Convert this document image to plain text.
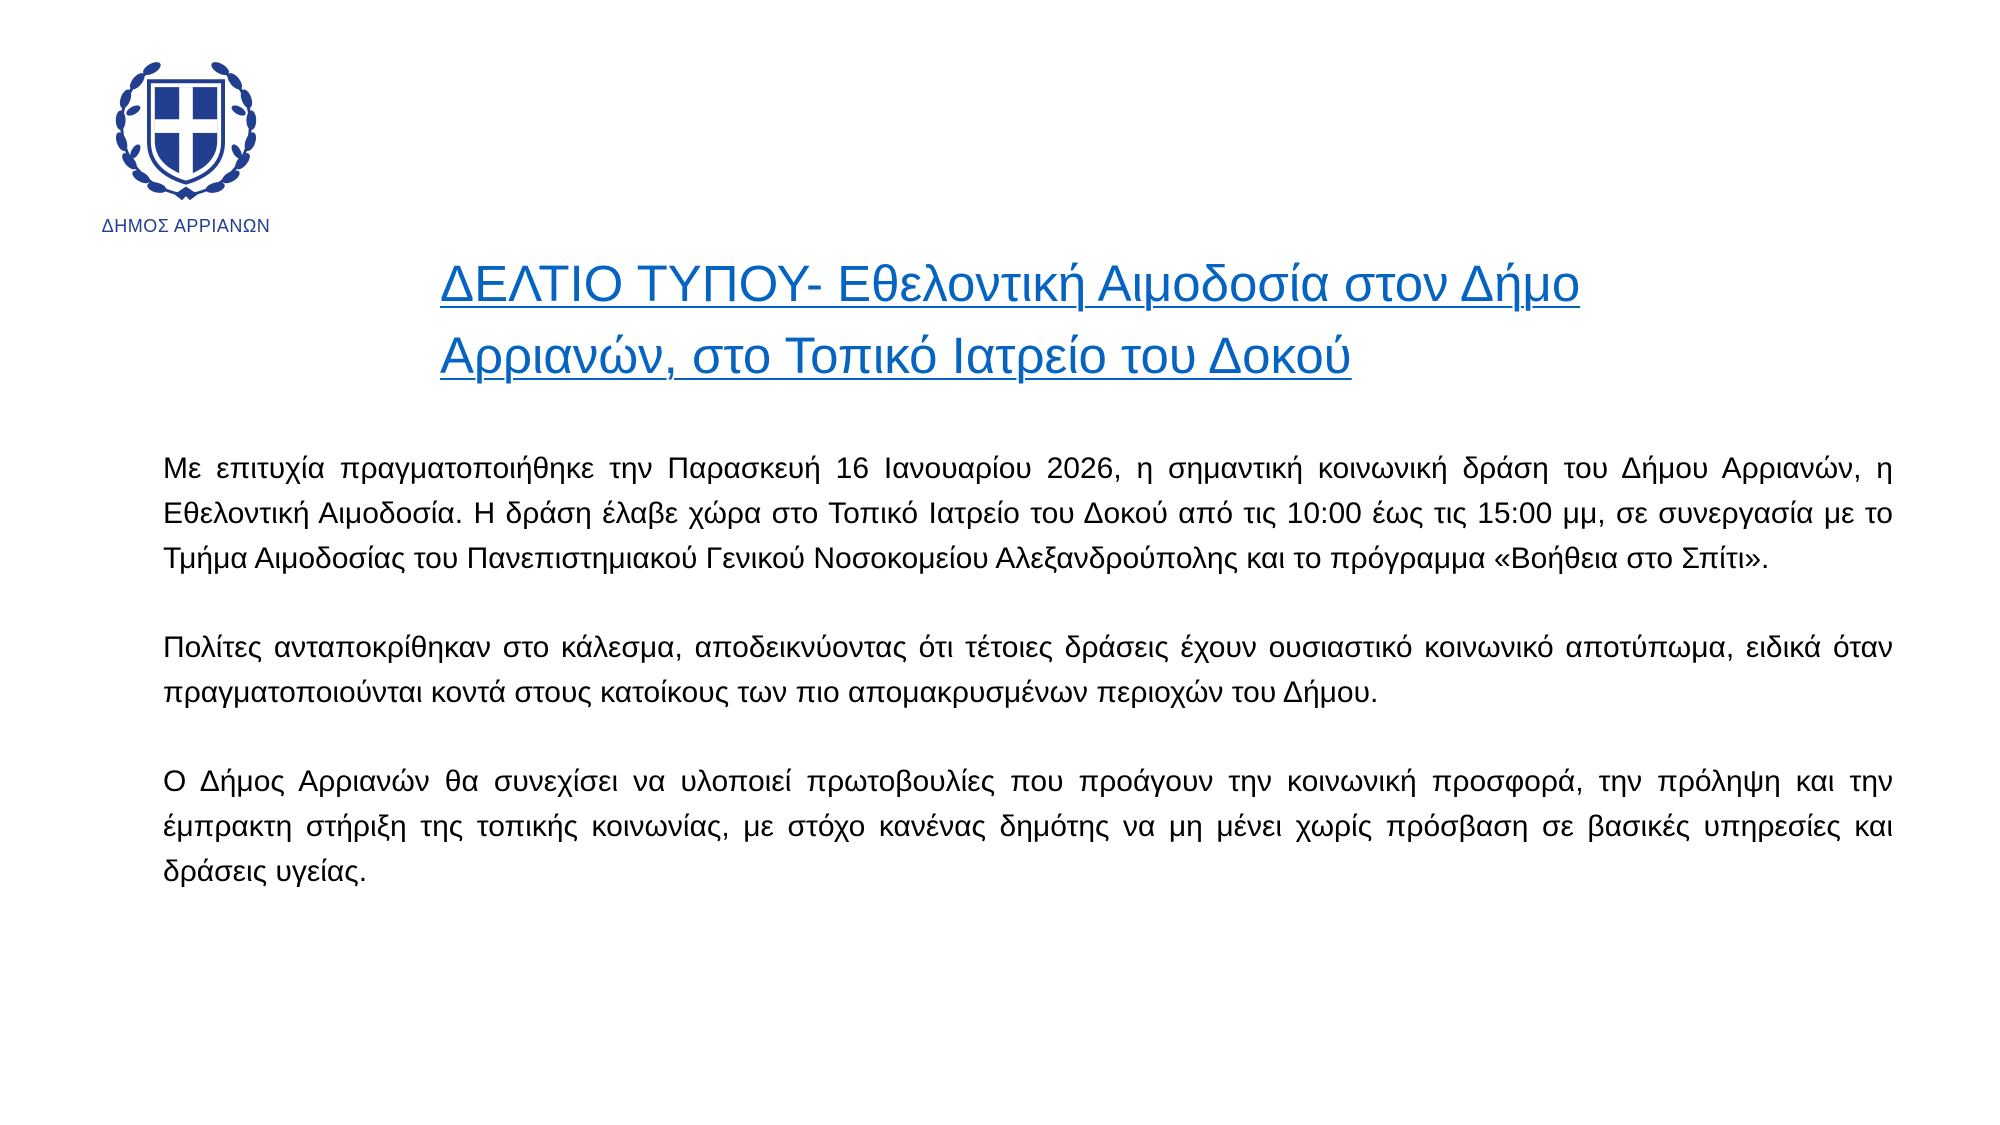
ΔΗΜΟΣ ΑΡΡΙΑΝΩΝ
ΔΕΛΤΙΟ ΤΥΠΟΥ- Εθελοντική Αιμοδοσία στον Δήμο Αρριανών, στο Τοπικό Ιατρείο του Δοκού

Με επιτυχία πραγματοποιήθηκε την Παρασκευή 16 Ιανουαρίου 2026, η σημαντική κοινωνική δράση του Δήμου Αρριανών, η Εθελοντική Αιμοδοσία. Η δράση έλαβε χώρα στο Τοπικό Ιατρείο του Δοκού από τις 10:00 έως τις 15:00 μμ, σε συνεργασία με το Τμήμα Αιμοδοσίας του Πανεπιστημιακού Γενικού Νοσοκομείου Αλεξανδρούπολης και το πρόγραμμα «Βοήθεια στο Σπίτι».

Πολίτες ανταποκρίθηκαν στο κάλεσμα, αποδεικνύοντας ότι τέτοιες δράσεις έχουν ουσιαστικό κοινωνικό αποτύπωμα, ειδικά όταν πραγματοποιούνται κοντά στους κατοίκους των πιο απομακρυσμένων περιοχών του Δήμου.

Ο Δήμος Αρριανών θα συνεχίσει να υλοποιεί πρωτοβουλίες που προάγουν την κοινωνική προσφορά, την πρόληψη και την έμπρακτη στήριξη της τοπικής κοινωνίας, με στόχο κανένας δημότης να μη μένει χωρίς πρόσβαση σε βασικές υπηρεσίες και δράσεις υγείας.
